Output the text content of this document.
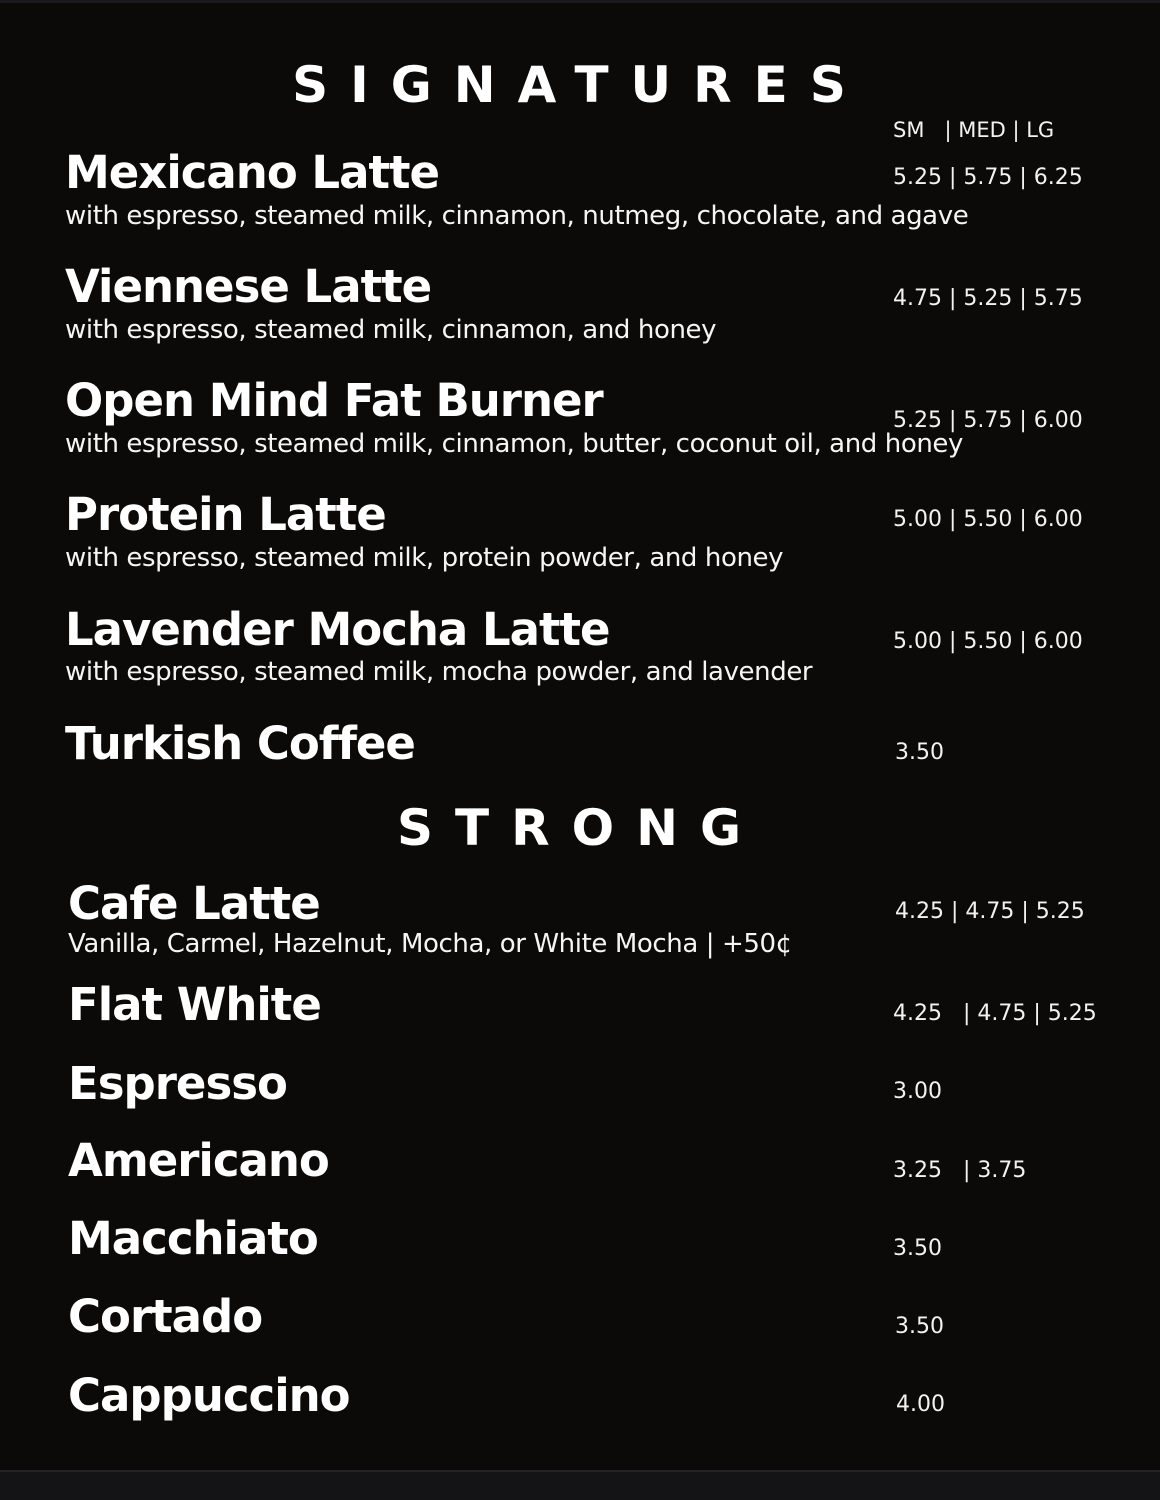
SIGNATURES
SM   | MED | LG
Mexicano Latte	5.25 | 5.75 | 6.25
with espresso, steamed milk, cinnamon, nutmeg, chocolate, and agave
Viennese Latte	4.75 | 5.25 | 5.75
with espresso, steamed milk, cinnamon, and honey
Open Mind Fat Burner	5.25 | 5.75 | 6.00
with espresso, steamed milk, cinnamon, butter, coconut oil, and honey
Protein Latte	5.00 | 5.50 | 6.00
with espresso, steamed milk, protein powder, and honey
Lavender Mocha Latte	5.00 | 5.50 | 6.00
with espresso, steamed milk, mocha powder, and lavender
Turkish Coffee	3.50
STRONG
Cafe Latte	4.25 | 4.75 | 5.25
Vanilla, Carmel, Hazelnut, Mocha, or White Mocha | +50¢
Flat White	4.25   | 4.75 | 5.25
Espresso	3.00
Americano	3.25   | 3.75
Macchiato	3.50
Cortado	3.50
Cappuccino	4.00
